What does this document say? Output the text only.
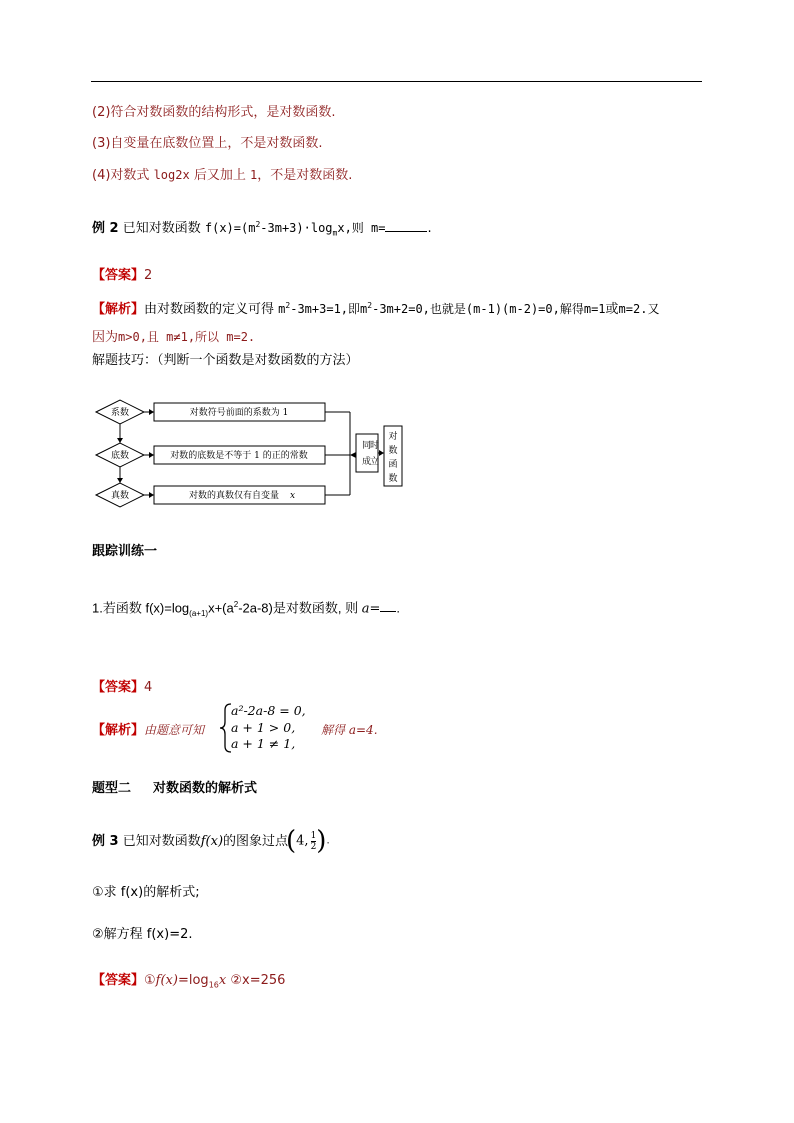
(2)符合对数函数的结构形式，是对数函数.
(3)自变量在底数位置上，不是对数函数.
(4)对数式 log2x 后又加上 1，不是对数函数.
例 2 已知对数函数 $f(x)=(m^2-3m+3)\cdot\log_mx$,则 m=	.
【答案】2
【解析】由对数函数的定义可得 $m^2-3m+3=1$,即$m^2-3m+2=0$,也就是(m-1)(m-2)=0,解得m=1或m=2.又
因为m>0,且 m≠1,所以 m=2.
解题技巧：（判断一个函数是对数函数的方法）
系数
底数
真数
对数符号前面的系数为 1
对数的底数是不等于 1 的正的常数
对数的真数仅有自变量 x
同
时
成
立
对
数
函
数
跟踪训练一
1.若函数 $f(x)=\log_{(a+1)}x+(a^2-2a-8)$是对数函数, 则 a= .
【答案】4
【解析】由题意可知
a²-2a-8 = 0,
a + 1 > 0,
a + 1 ≠ 1,
解得 a=4.
题型二 对数函数的解析式
例 3 已知对数函数f(x)的图象过点
(4, $\frac{1}{2}$ ).
①求 f(x)的解析式;
②解方程 f(x)=2.
【答案】$①f(x)=\log_{16}x$ ②x=256
